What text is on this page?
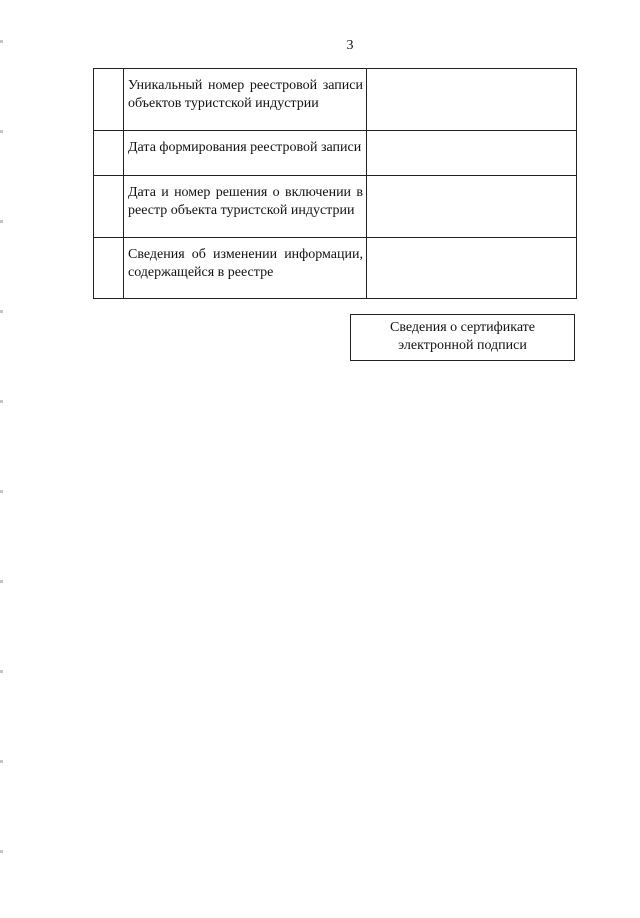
3
	Уникальный номер реестровой записи объектов туристской индустрии	
	Дата формирования реестровой записи	
	Дата и номер решения о включении в реестр объекта туристской индустрии	
	Сведения об изменении информации, содержащейся в реестре	
Сведения о сертификате электронной подписи
